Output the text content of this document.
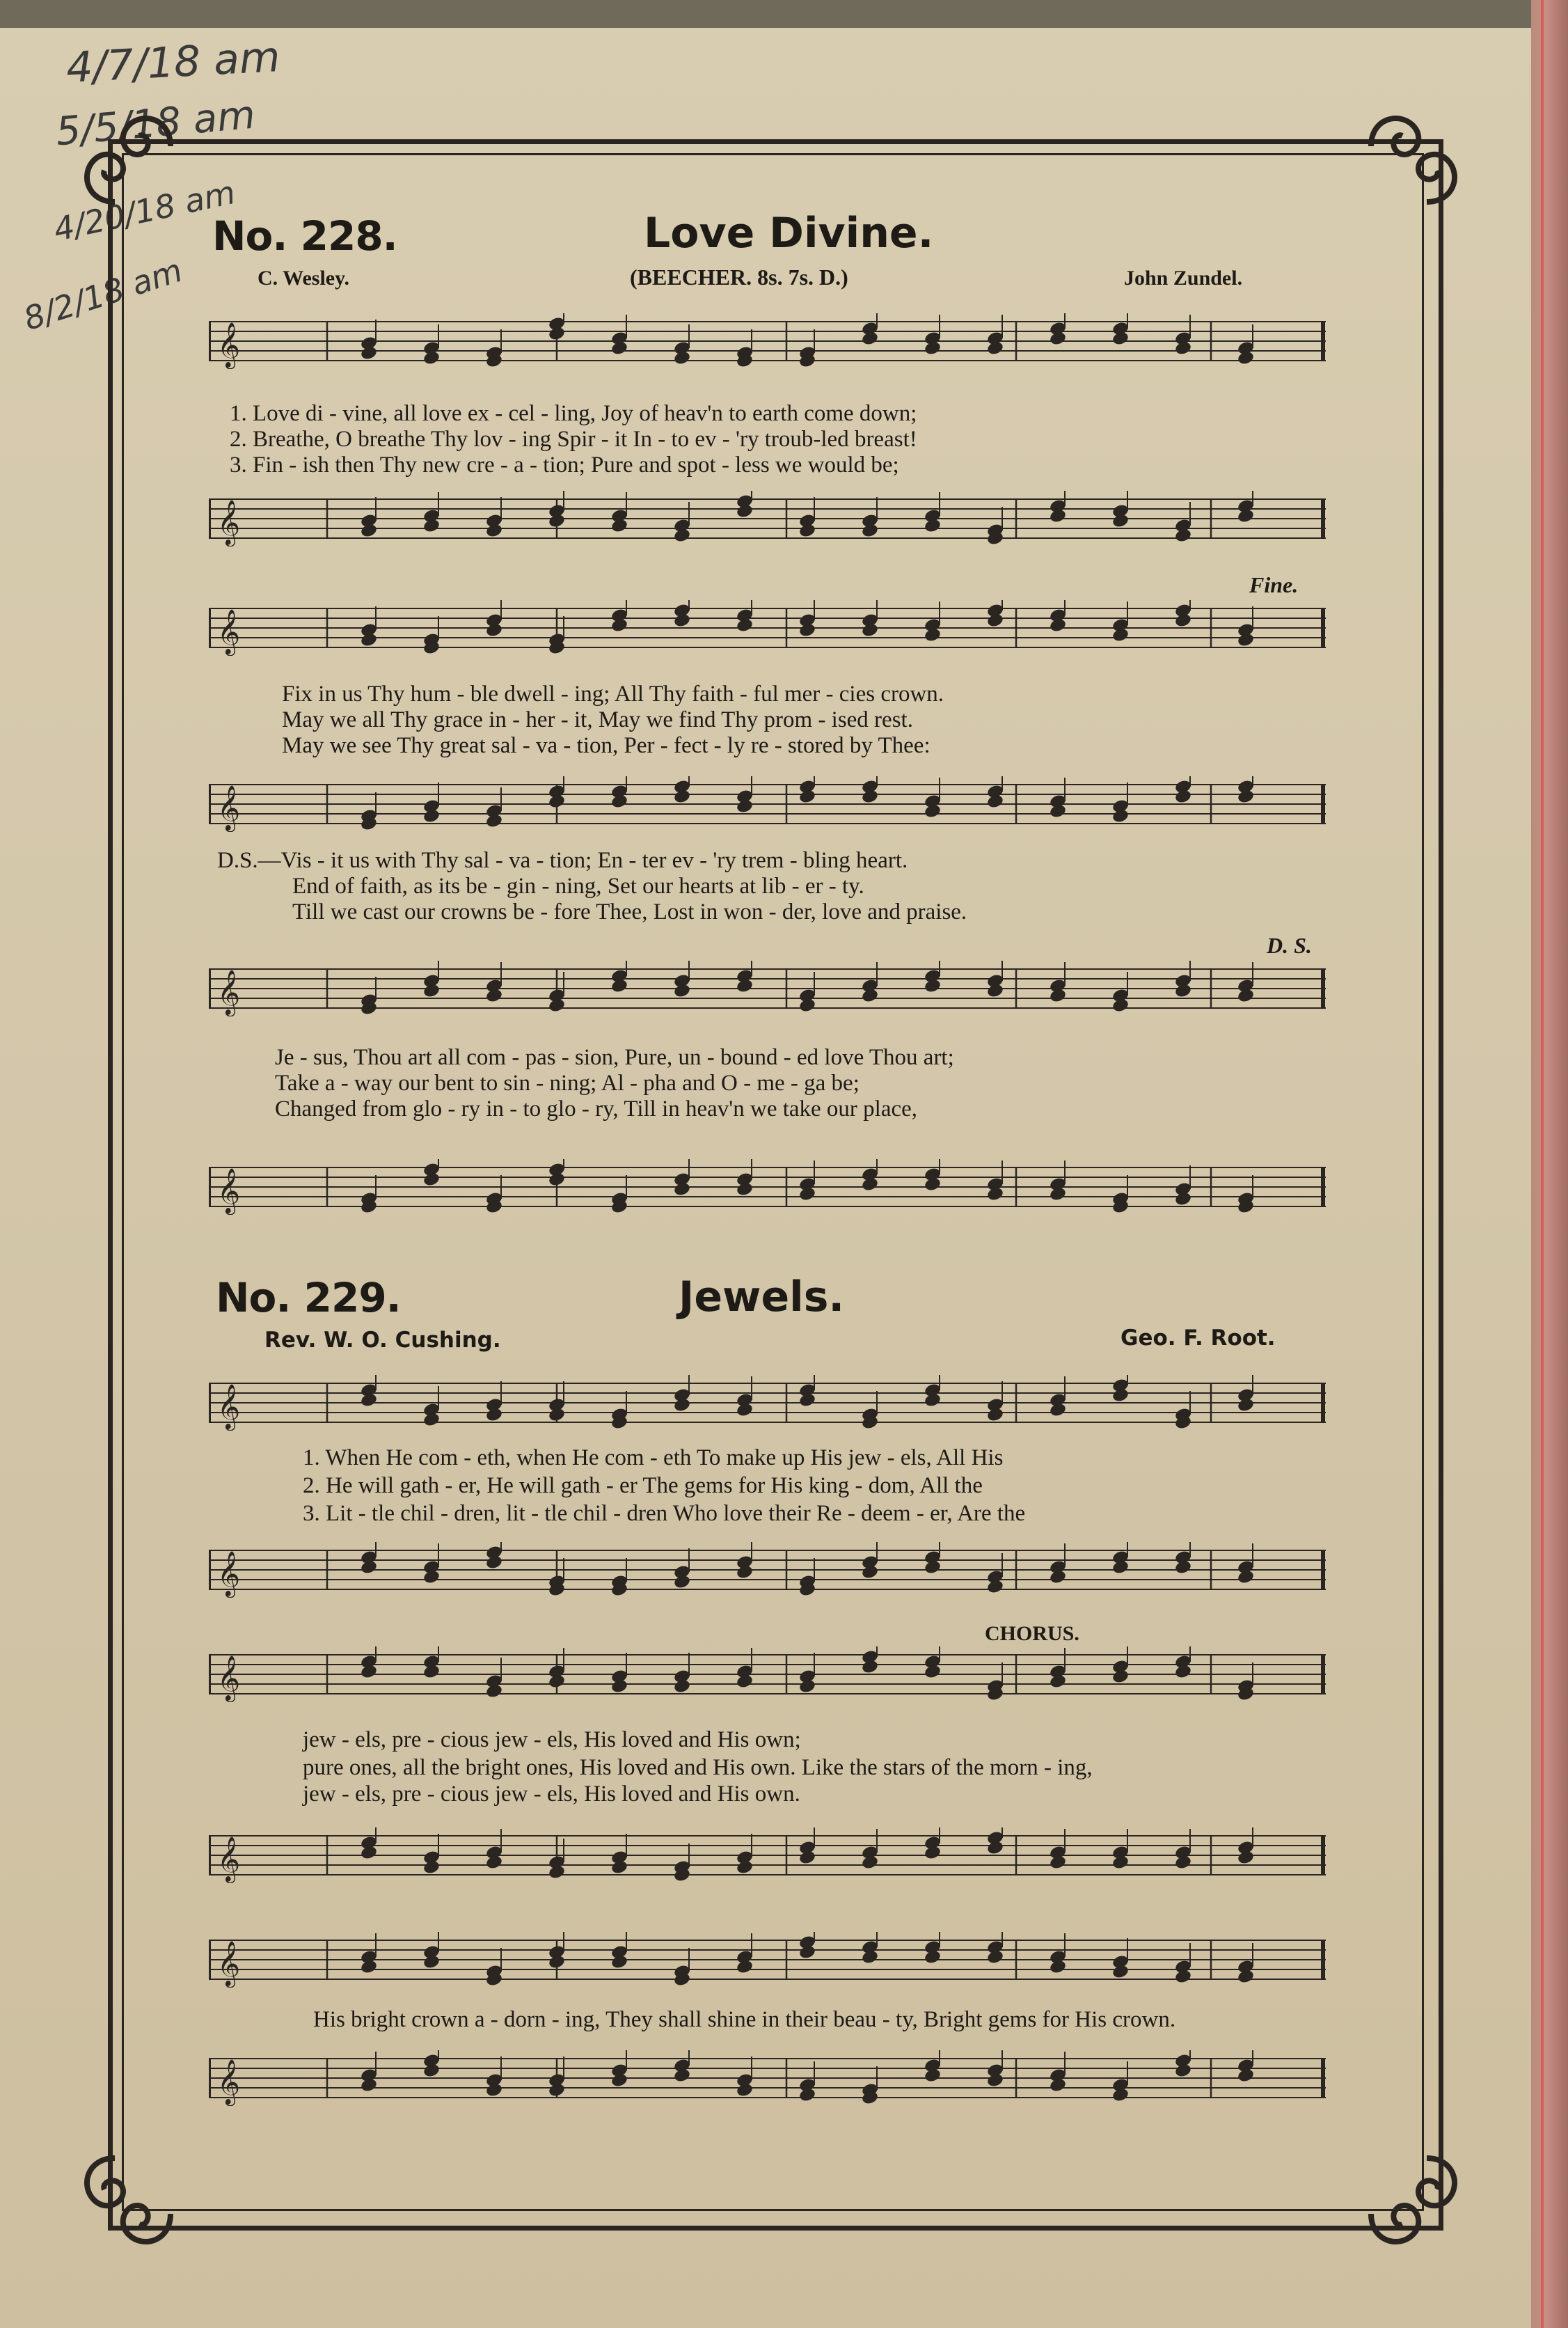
4/7/18 am
5/5/18 am
4/20/18 am
8/2/18 am
No. 228.	Love Divine.
C. Wesley.	(BEECHER. 8s. 7s. D.)	John Zundel.
𝄞
1. Love di - vine, all love ex - cel - ling, Joy of heav'n to earth come down;
2. Breathe, O breathe Thy lov - ing Spir - it In - to ev - 'ry troub-led breast!
3. Fin - ish then Thy new cre - a - tion; Pure and spot - less we would be;
𝄞
Fine.
𝄞
Fix in us Thy hum - ble dwell - ing; All Thy faith - ful mer - cies crown.
May we all Thy grace in - her - it, May we find Thy prom - ised rest.
May we see Thy great sal - va - tion, Per - fect - ly re - stored by Thee:
𝄞
D.S.—Vis - it us with Thy sal - va - tion; En - ter ev - 'ry trem - bling heart.
End of faith, as its be - gin - ning, Set our hearts at lib - er - ty.
Till we cast our crowns be - fore Thee, Lost in won - der, love and praise.
D. S.
𝄞
Je - sus, Thou art all com - pas - sion, Pure, un - bound - ed love Thou art;
Take a - way our bent to sin - ning; Al - pha and O - me - ga be;
Changed from glo - ry in - to glo - ry, Till in heav'n we take our place,
𝄞
No. 229.	Jewels.
Rev. W. O. Cushing.	Geo. F. Root.
𝄞
1. When He com - eth, when He com - eth To make up His jew - els, All His
2. He will gath - er, He will gath - er The gems for His king - dom, All the
3. Lit - tle chil - dren, lit - tle chil - dren Who love their Re - deem - er, Are the
𝄞
CHORUS.
𝄞
jew - els, pre - cious jew - els, His loved and His own;
pure ones, all the bright ones, His loved and His own. Like the stars of the morn - ing,
jew - els, pre - cious jew - els, His loved and His own.
𝄞
𝄞
His bright crown a - dorn - ing, They shall shine in their beau - ty, Bright gems for His crown.
𝄞
